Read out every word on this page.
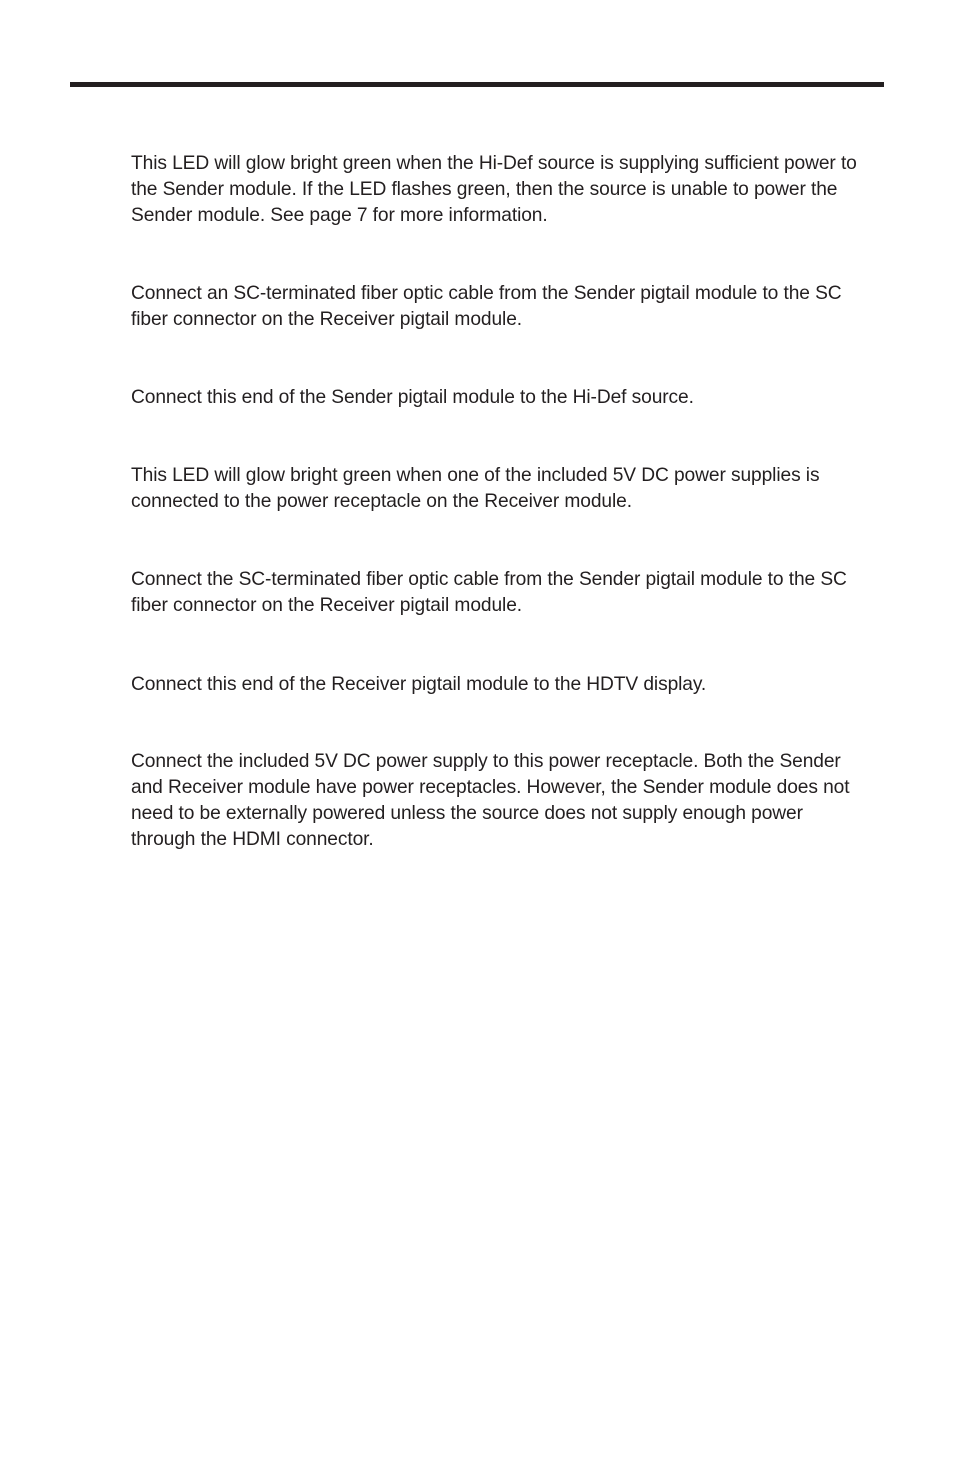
This LED will glow bright green when the Hi-Def source is supplying sufficient power to the Sender module. If the LED flashes green, then the source is unable to power the Sender module. See page 7 for more information.

Connect an SC-terminated fiber optic cable from the Sender pigtail module to the SC fiber connector on the Receiver pigtail module.

Connect this end of the Sender pigtail module to the Hi-Def source.

This LED will glow bright green when one of the included 5V DC power supplies is connected to the power receptacle on the Receiver module.

Connect the SC-terminated fiber optic cable from the Sender pigtail module to the SC fiber connector on the Receiver pigtail module.

Connect this end of the Receiver pigtail module to the HDTV display.

Connect the included 5V DC power supply to this power receptacle. Both the Sender and Receiver module have power receptacles. However, the Sender module does not need to be externally powered unless the source does not supply enough power through the HDMI connector.
